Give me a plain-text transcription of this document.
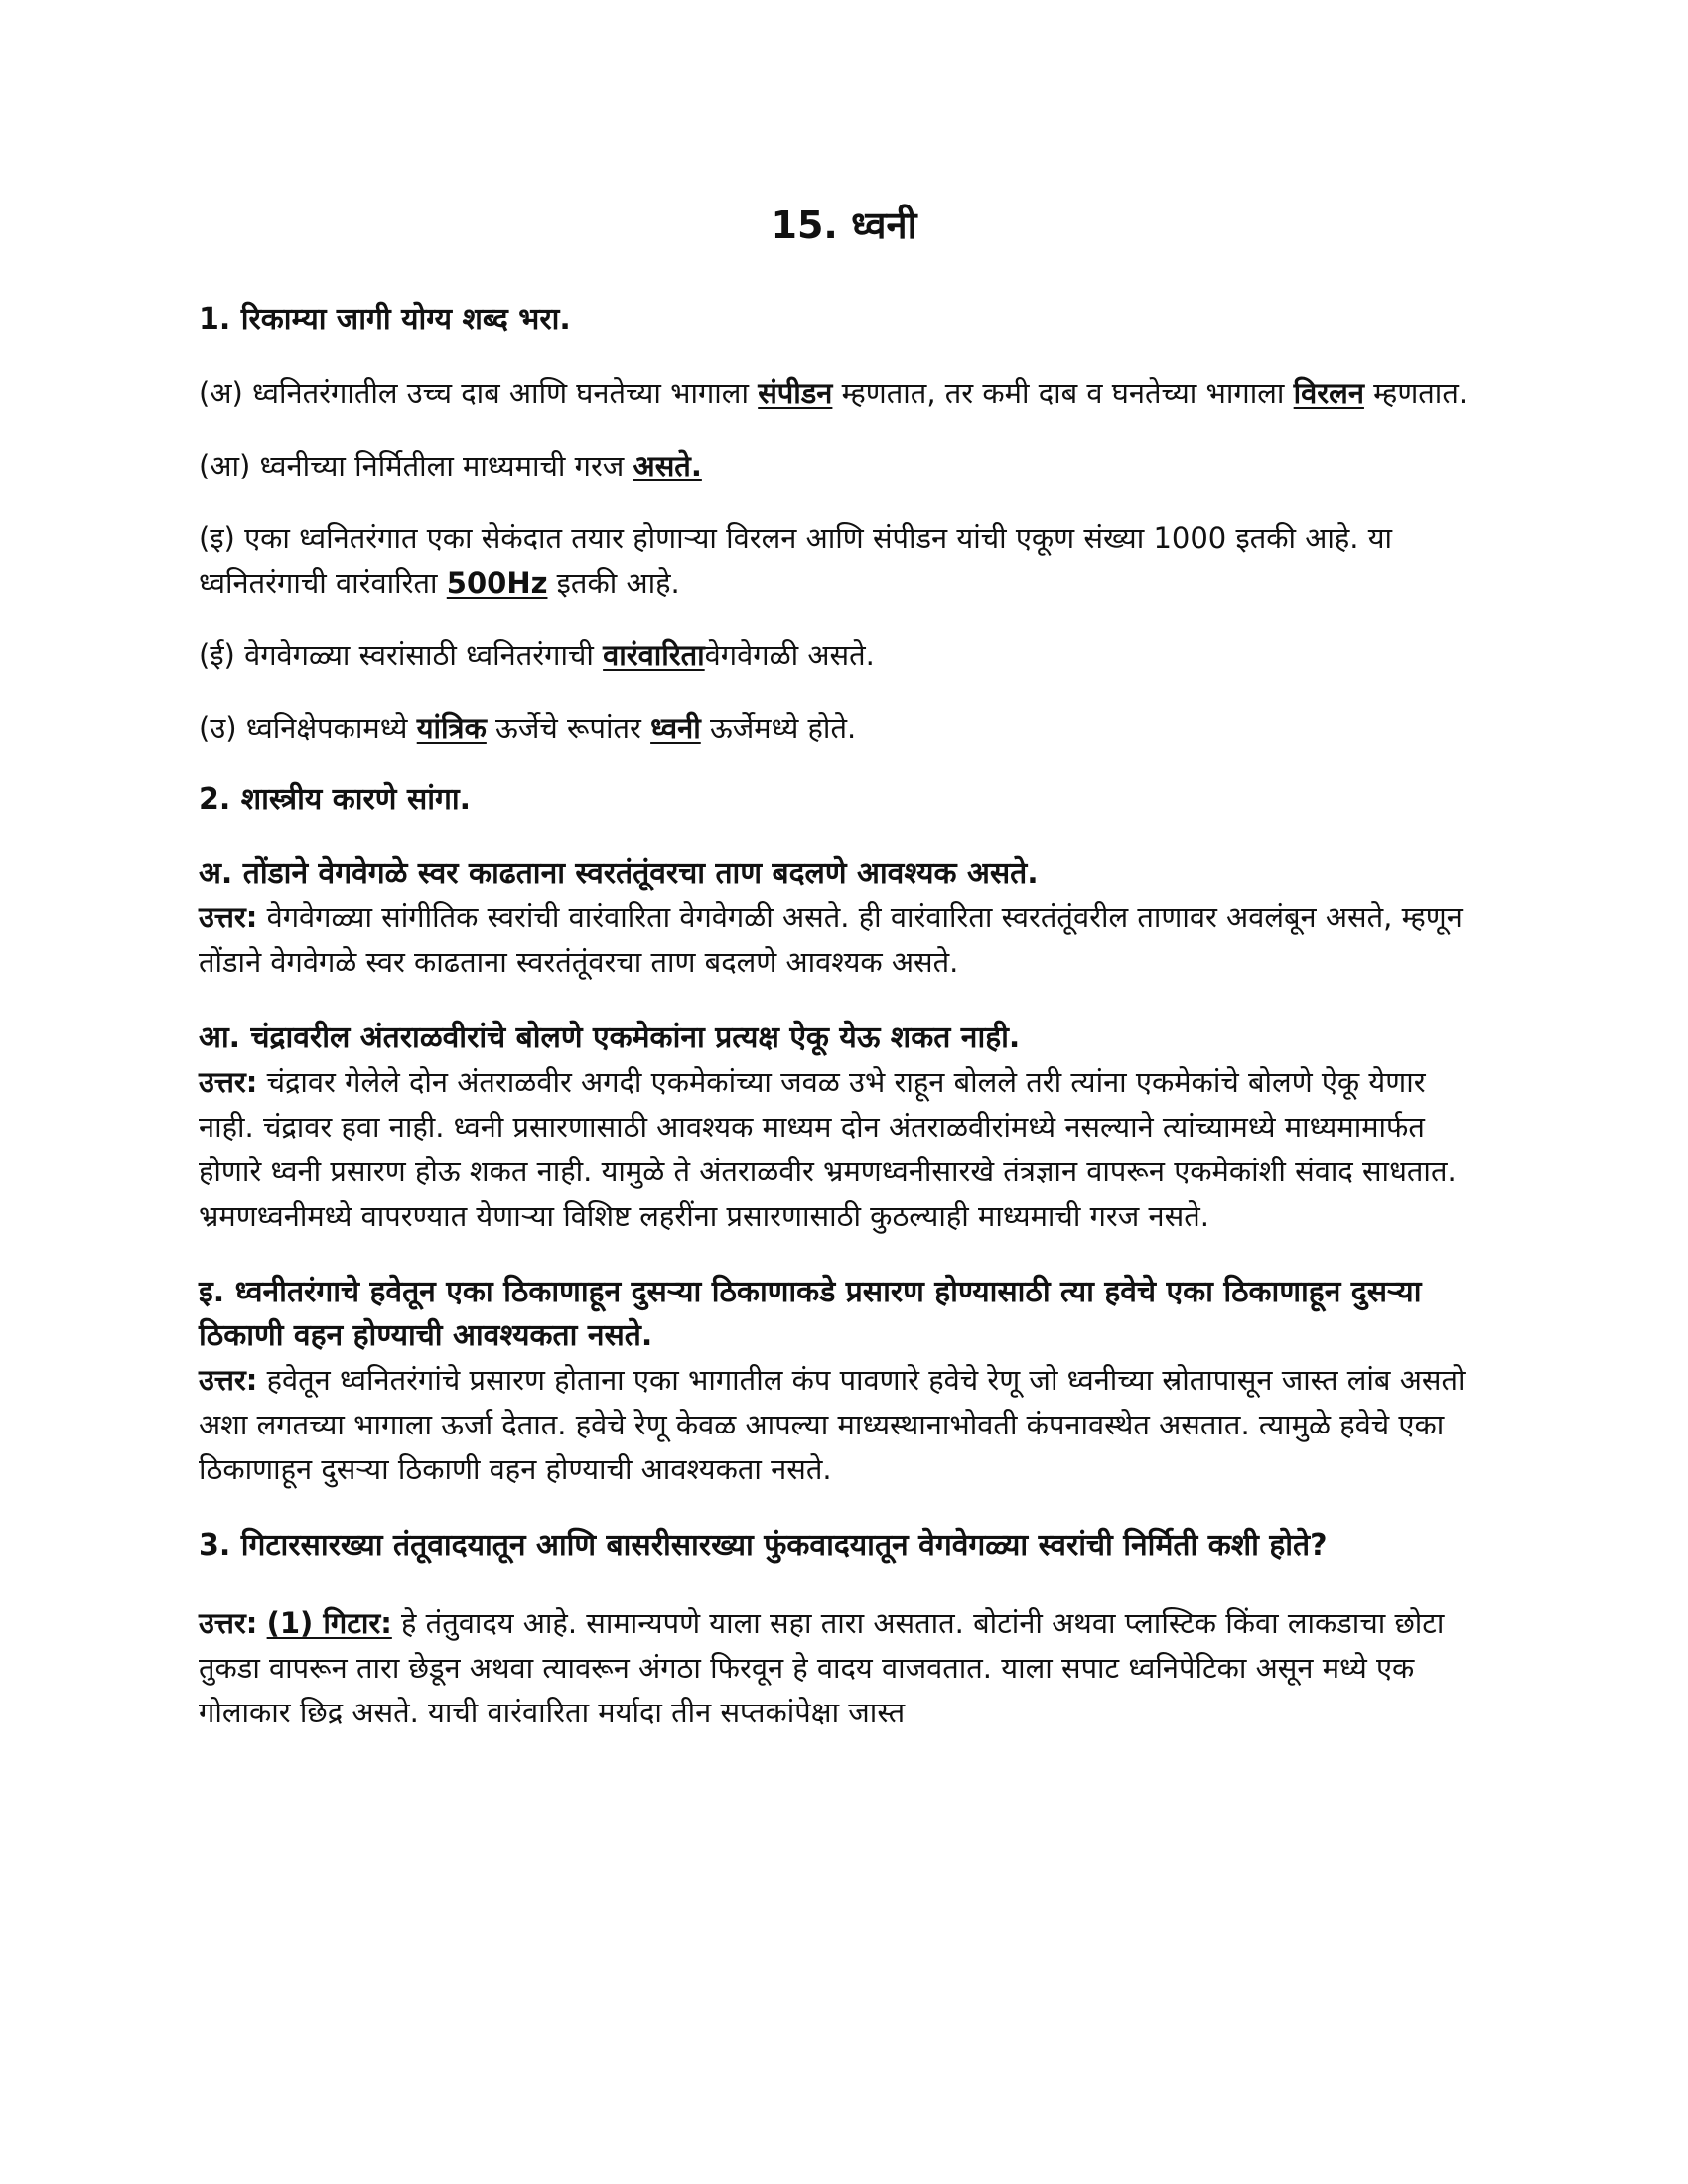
15. ध्वनी
1. रिकाम्या जागी योग्य शब्द भरा.
(अ) ध्वनितरंगातील उच्च दाब आणि घनतेच्या भागाला संपीडन म्हणतात, तर कमी दाब व घनतेच्या भागाला विरलन म्हणतात.
(आ) ध्वनीच्या निर्मितीला माध्यमाची गरज असते.
(इ) एका ध्वनितरंगात एका सेकंदात तयार होणाऱ्या विरलन आणि संपीडन यांची एकूण संख्या 1000 इतकी आहे. या ध्वनितरंगाची वारंवारिता 500Hz इतकी आहे.
(ई) वेगवेगळ्या स्वरांसाठी ध्वनितरंगाची वारंवारितावेगवेगळी असते.
(उ) ध्वनिक्षेपकामध्ये यांत्रिक ऊर्जेचे रूपांतर ध्वनी ऊर्जेमध्ये होते.
2. शास्त्रीय कारणे सांगा.
अ. तोंडाने वेगवेगळे स्वर काढताना स्वरतंतूंवरचा ताण बदलणे आवश्यक असते.
उत्तर: वेगवेगळ्या सांगीतिक स्वरांची वारंवारिता वेगवेगळी असते. ही वारंवारिता स्वरतंतूंवरील ताणावर अवलंबून असते, म्हणून तोंडाने वेगवेगळे स्वर काढताना स्वरतंतूंवरचा ताण बदलणे आवश्यक असते.
आ. चंद्रावरील अंतराळवीरांचे बोलणे एकमेकांना प्रत्यक्ष ऐकू येऊ शकत नाही.
उत्तर: चंद्रावर गेलेले दोन अंतराळवीर अगदी एकमेकांच्या जवळ उभे राहून बोलले तरी त्यांना एकमेकांचे बोलणे ऐकू येणार नाही. चंद्रावर हवा नाही. ध्वनी प्रसारणासाठी आवश्यक माध्यम दोन अंतराळवीरांमध्ये नसल्याने त्यांच्यामध्ये माध्यमामार्फत होणारे ध्वनी प्रसारण होऊ शकत नाही. यामुळे ते अंतराळवीर भ्रमणध्वनीसारखे तंत्रज्ञान वापरून एकमेकांशी संवाद साधतात. भ्रमणध्वनीमध्ये वापरण्यात येणाऱ्या विशिष्ट लहरींना प्रसारणासाठी कुठल्याही माध्यमाची गरज नसते.
इ. ध्वनीतरंगाचे हवेतून एका ठिकाणाहून दुसऱ्या ठिकाणाकडे प्रसारण होण्यासाठी त्या हवेचे एका ठिकाणाहून दुसऱ्या ठिकाणी वहन होण्याची आवश्यकता नसते.
उत्तर: हवेतून ध्वनितरंगांचे प्रसारण होताना एका भागातील कंप पावणारे हवेचे रेणू जो ध्वनीच्या स्रोतापासून जास्त लांब असतो अशा लगतच्या भागाला ऊर्जा देतात. हवेचे रेणू केवळ आपल्या माध्यस्थानाभोवती कंपनावस्थेत असतात. त्यामुळे हवेचे एका ठिकाणाहून दुसऱ्या ठिकाणी वहन होण्याची आवश्यकता नसते.
3. गिटारसारख्या तंतूवादयातून आणि बासरीसारख्या फुंकवादयातून वेगवेगळ्या स्वरांची निर्मिती कशी होते?
उत्तर: (1) गिटार: हे तंतुवादय आहे. सामान्यपणे याला सहा तारा असतात. बोटांनी अथवा प्लास्टिक किंवा लाकडाचा छोटा तुकडा वापरून तारा छेडून अथवा त्यावरून अंगठा फिरवून हे वादय वाजवतात. याला सपाट ध्वनिपेटिका असून मध्ये एक गोलाकार छिद्र असते. याची वारंवारिता मर्यादा तीन सप्तकांपेक्षा जास्त
